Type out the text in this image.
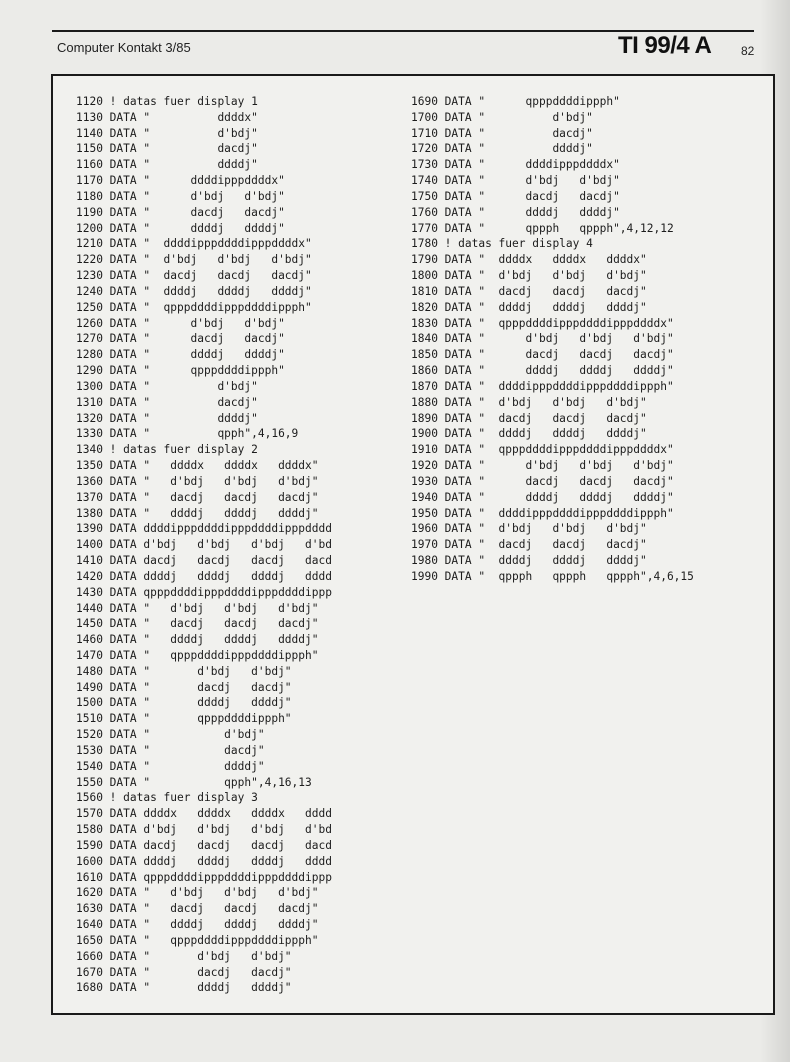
Computer Kontakt 3/85	TI 99/4 A 82
1120 ! datas fuer display 1
1130 DATA "          ddddx"
1140 DATA "          d'bdj"
1150 DATA "          dacdj"
1160 DATA "          ddddj"
1170 DATA "      ddddipppddddx"
1180 DATA "      d'bdj   d'bdj"
1190 DATA "      dacdj   dacdj"
1200 DATA "      ddddj   ddddj"
1210 DATA "  ddddipppddddipppddddx"
1220 DATA "  d'bdj   d'bdj   d'bdj"
1230 DATA "  dacdj   dacdj   dacdj"
1240 DATA "  ddddj   ddddj   ddddj"
1250 DATA "  qpppddddipppddddippph"
1260 DATA "      d'bdj   d'bdj"
1270 DATA "      dacdj   dacdj"
1280 DATA "      ddddj   ddddj"
1290 DATA "      qpppddddippph"
1300 DATA "          d'bdj"
1310 DATA "          dacdj"
1320 DATA "          ddddj"
1330 DATA "          qpph",4,16,9
1340 ! datas fuer display 2
1350 DATA "   ddddx   ddddx   ddddx"
1360 DATA "   d'bdj   d'bdj   d'bdj"
1370 DATA "   dacdj   dacdj   dacdj"
1380 DATA "   ddddj   ddddj   ddddj"
1390 DATA ddddipppddddipppddddipppdddd
1400 DATA d'bdj   d'bdj   d'bdj   d'bd
1410 DATA dacdj   dacdj   dacdj   dacd
1420 DATA ddddj   ddddj   ddddj   dddd
1430 DATA qpppddddipppddddipppddddippp
1440 DATA "   d'bdj   d'bdj   d'bdj"
1450 DATA "   dacdj   dacdj   dacdj"
1460 DATA "   ddddj   ddddj   ddddj"
1470 DATA "   qpppddddipppddddippph"
1480 DATA "       d'bdj   d'bdj"
1490 DATA "       dacdj   dacdj"
1500 DATA "       ddddj   ddddj"
1510 DATA "       qpppddddippph"
1520 DATA "           d'bdj"
1530 DATA "           dacdj"
1540 DATA "           ddddj"
1550 DATA "           qpph",4,16,13
1560 ! datas fuer display 3
1570 DATA ddddx   ddddx   ddddx   dddd
1580 DATA d'bdj   d'bdj   d'bdj   d'bd
1590 DATA dacdj   dacdj   dacdj   dacd
1600 DATA ddddj   ddddj   ddddj   dddd
1610 DATA qpppddddipppddddipppddddippp
1620 DATA "   d'bdj   d'bdj   d'bdj"
1630 DATA "   dacdj   dacdj   dacdj"
1640 DATA "   ddddj   ddddj   ddddj"
1650 DATA "   qpppddddipppddddippph"
1660 DATA "       d'bdj   d'bdj"
1670 DATA "       dacdj   dacdj"
1680 DATA "       ddddj   ddddj"
1690 DATA "      qpppddddippph"
1700 DATA "          d'bdj"
1710 DATA "          dacdj"
1720 DATA "          ddddj"
1730 DATA "      ddddipppddddx"
1740 DATA "      d'bdj   d'bdj"
1750 DATA "      dacdj   dacdj"
1760 DATA "      ddddj   ddddj"
1770 DATA "      qppph   qppph",4,12,12
1780 ! datas fuer display 4
1790 DATA "  ddddx   ddddx   ddddx"
1800 DATA "  d'bdj   d'bdj   d'bdj"
1810 DATA "  dacdj   dacdj   dacdj"
1820 DATA "  ddddj   ddddj   ddddj"
1830 DATA "  qpppddddipppddddipppddddx"
1840 DATA "      d'bdj   d'bdj   d'bdj"
1850 DATA "      dacdj   dacdj   dacdj"
1860 DATA "      ddddj   ddddj   ddddj"
1870 DATA "  ddddipppddddipppddddippph"
1880 DATA "  d'bdj   d'bdj   d'bdj"
1890 DATA "  dacdj   dacdj   dacdj"
1900 DATA "  ddddj   ddddj   ddddj"
1910 DATA "  qpppddddipppddddipppddddx"
1920 DATA "      d'bdj   d'bdj   d'bdj"
1930 DATA "      dacdj   dacdj   dacdj"
1940 DATA "      ddddj   ddddj   ddddj"
1950 DATA "  ddddipppddddipppddddippph"
1960 DATA "  d'bdj   d'bdj   d'bdj"
1970 DATA "  dacdj   dacdj   dacdj"
1980 DATA "  ddddj   ddddj   ddddj"
1990 DATA "  qppph   qppph   qppph",4,6,15
